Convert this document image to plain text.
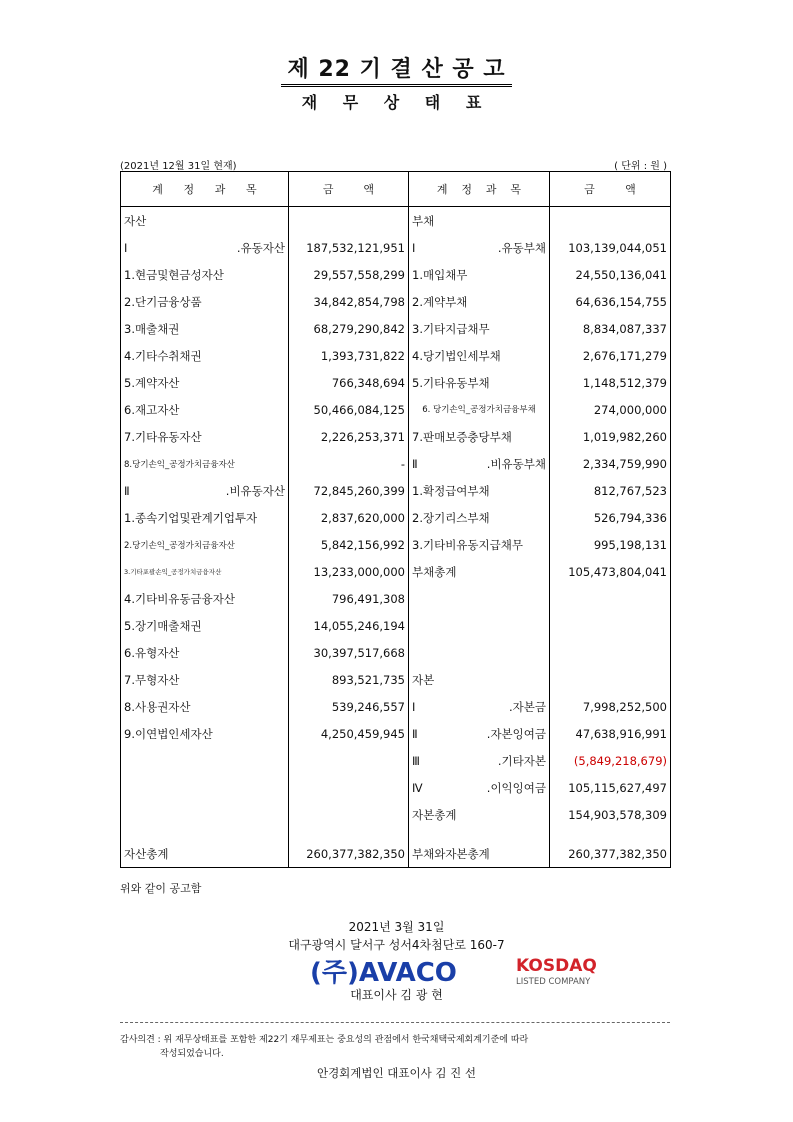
제 22 기 결 산 공 고
재 무 상 태 표
(2021년 12월 31일 현재)	( 단위 : 원 )
계 정 과 목	금 액	계 정 과 목	금 액

자산		부채	
Ⅰ.유동자산	187,532,121,951	Ⅰ.유동부채	103,139,044,051
1.현금및현금성자산	29,557,558,299	1.매입채무	24,550,136,041
2.단기금융상품	34,842,854,798	2.계약부채	64,636,154,755
3.매출채권	68,279,290,842	3.기타지급채무	8,834,087,337
4.기타수취채권	1,393,731,822	4.당기법인세부채	2,676,171,279
5.계약자산	766,348,694	5.기타유동부채	1,148,512,379
6.재고자산	50,466,084,125	6. 당기손익_공정가치금융부채	274,000,000
7.기타유동자산	2,226,253,371	7.판매보증충당부채	1,019,982,260
8.당기손익_공정가치금융자산	-	Ⅱ.비유동부채	2,334,759,990
Ⅱ.비유동자산	72,845,260,399	1.확정급여부채	812,767,523
1.종속기업및관계기업투자	2,837,620,000	2.장기리스부채	526,794,336
2.당기손익_공정가치금융자산	5,842,156,992	3.기타비유동지급채무	995,198,131
3.기타포괄손익_공정가치금융자산	13,233,000,000	부채총계	105,473,804,041
4.기타비유동금융자산	796,491,308		
5.장기매출채권	14,055,246,194		
6.유형자산	30,397,517,668		
7.무형자산	893,521,735	자본	
8.사용권자산	539,246,557	Ⅰ.자본금	7,998,252,500
9.이연법인세자산	4,250,459,945	Ⅱ.자본잉여금	47,638,916,991
		Ⅲ.기타자본	(5,849,218,679)
		Ⅳ.이익잉여금	105,115,627,497
		자본총계	154,903,578,309

자산총계	260,377,382,350	부채와자본총계	260,377,382,350
위와 같이 공고함
2021년 3월 31일
대구광역시 달서구 성서4차첨단로 160-7
(주)AVACO	KOSDAQ
LISTED COMPANY
대표이사 김 광 현
감사의견 : 위 재무상태표를 포함한 제22기 재무제표는 중요성의 관점에서 한국채택국제회계기준에 따라
작성되었습니다.
안경회계법인 대표이사 김 진 선
